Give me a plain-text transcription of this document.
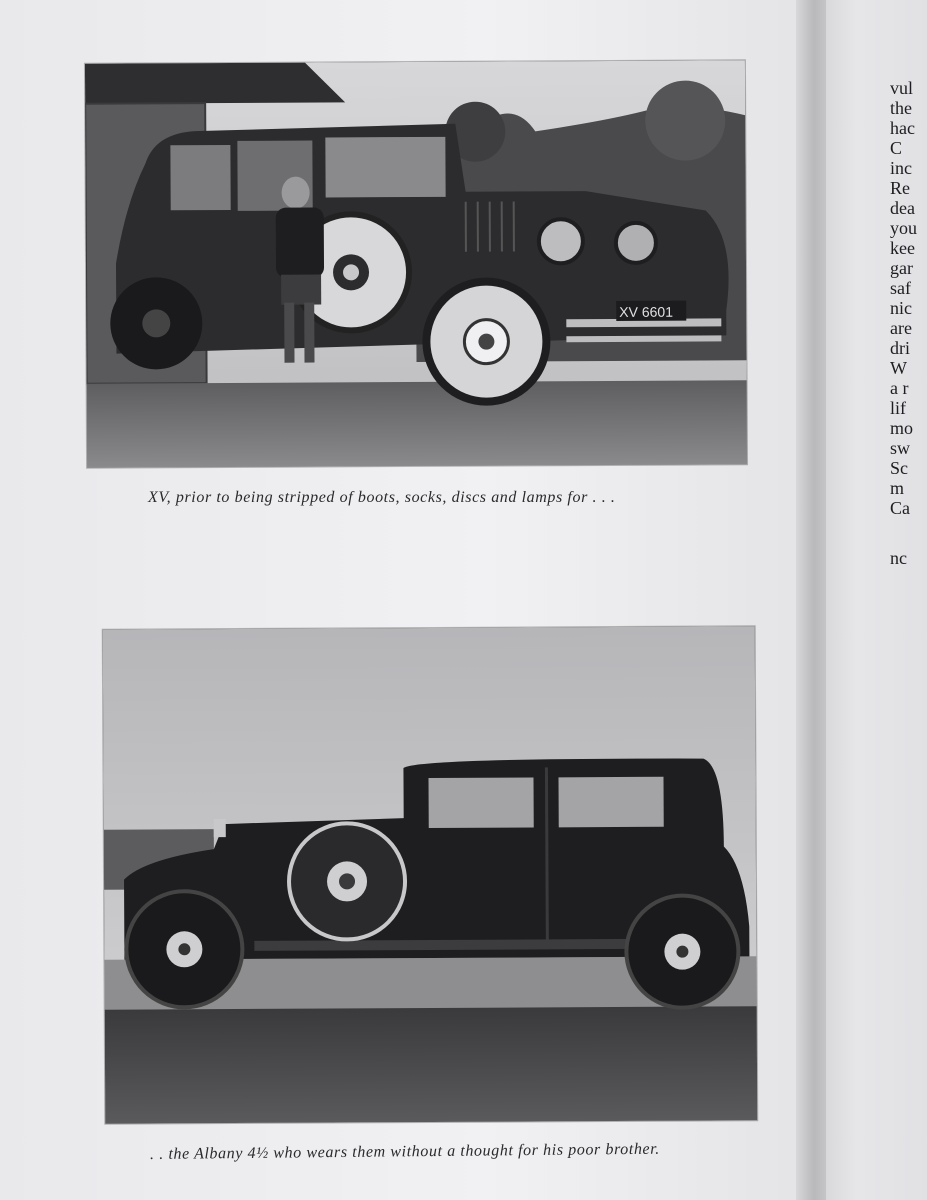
XV 6601
XV, prior to being stripped of boots, socks, discs and lamps for . . .
. . the Albany 4½ who wears them without a thought for his poor brother.
vul
the
hac
C
inc
Re
dea
you
kee
gar
saf
nic
are
dri
W
a r
lif
mo
sw
Sc
m
Ca
nc
